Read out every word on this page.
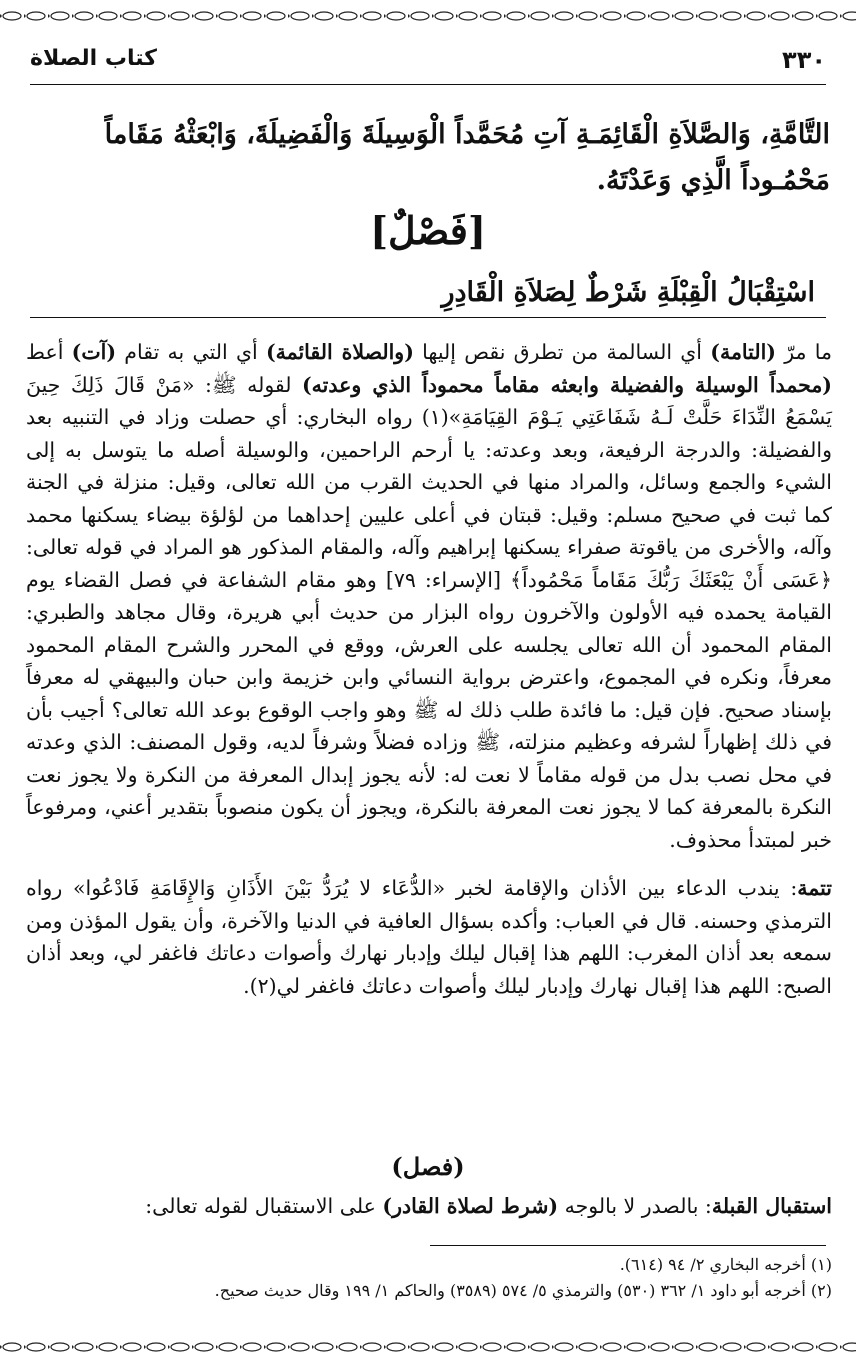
٣٣٠
كتاب الصلاة
التَّامَّةِ، وَالصَّلاَةِ الْقَائِمَـةِ آتِ مُحَمَّداً الْوَسِيلَةَ وَالْفَضِيلَةَ، وَابْعَثْهُ مَقَاماً مَحْمُـوداً الَّذِي وَعَدْتَهُ.
[فَصْلٌ]
اسْتِقْبَالُ الْقِبْلَةِ شَرْطٌ لِصَلاَةِ الْقَادِرِ

ما مرّ (التامة) أي السالمة من تطرق نقص إليها (والصلاة القائمة) أي التي به تقام (آت) أعط (محمداً الوسيلة والفضيلة وابعثه مقاماً محموداً الذي وعدته) لقوله ﷺ: «مَنْ قَالَ ذَلِكَ حِينَ يَسْمَعُ النِّدَاءَ حَلَّتْ لَـهُ شَفَاعَتِي يَـوْمَ القِيَامَةِ»(١) رواه البخاري: أي حصلت وزاد في التنبيه بعد والفضيلة: والدرجة الرفيعة، وبعد وعدته: يا أرحم الراحمين، والوسيلة أصله ما يتوسل به إلى الشيء والجمع وسائل، والمراد منها في الحديث القرب من الله تعالى، وقيل: منزلة في الجنة كما ثبت في صحيح مسلم: وقيل: قبتان في أعلى عليين إحداهما من لؤلؤة بيضاء يسكنها محمد وآله، والأخرى من ياقوتة صفراء يسكنها إبراهيم وآله، والمقام المذكور هو المراد في قوله تعالى: ﴿عَسَى أَنْ يَبْعَثَكَ رَبُّكَ مَقَاماً مَحْمُوداً﴾ [الإسراء: ٧٩] وهو مقام الشفاعة في فصل القضاء يوم القيامة يحمده فيه الأولون والآخرون رواه البزار من حديث أبي هريرة، وقال مجاهد والطبري: المقام المحمود أن الله تعالى يجلسه على العرش، ووقع في المحرر والشرح المقام المحمود معرفاً، ونكره في المجموع، واعترض برواية النسائي وابن خزيمة وابن حبان والبيهقي له معرفاً بإسناد صحيح. فإن قيل: ما فائدة طلب ذلك له ﷺ وهو واجب الوقوع بوعد الله تعالى؟ أجيب بأن في ذلك إظهاراً لشرفه وعظيم منزلته، ﷺ وزاده فضلاً وشرفاً لديه، وقول المصنف: الذي وعدته في محل نصب بدل من قوله مقاماً لا نعت له: لأنه يجوز إبدال المعرفة من النكرة ولا يجوز نعت النكرة بالمعرفة كما لا يجوز نعت المعرفة بالنكرة، ويجوز أن يكون منصوباً بتقدير أعني، ومرفوعاً خبر لمبتدأ محذوف.

تتمة: يندب الدعاء بين الأذان والإقامة لخبر «الدُّعَاء لا يُرَدُّ بَيْنَ الأَذَانِ وَالإِقَامَةِ فَادْعُوا» رواه الترمذي وحسنه. قال في العباب: وأكده بسؤال العافية في الدنيا والآخرة، وأن يقول المؤذن ومن سمعه بعد أذان المغرب: اللهم هذا إقبال ليلك وإدبار نهارك وأصوات دعاتك فاغفر لي، وبعد أذان الصبح: اللهم هذا إقبال نهارك وإدبار ليلك وأصوات دعاتك فاغفر لي(٢).

(فصل)
استقبال القبلة: بالصدر لا بالوجه (شرط لصلاة القادر) على الاستقبال لقوله تعالى:

(١) أخرجه البخاري ٢/ ٩٤ (٦١٤).

(٢) أخرجه أبو داود ١/ ٣٦٢ (٥٣٠) والترمذي ٥/ ٥٧٤ (٣٥٨٩) والحاكم ١/ ١٩٩ وقال حديث صحيح.
